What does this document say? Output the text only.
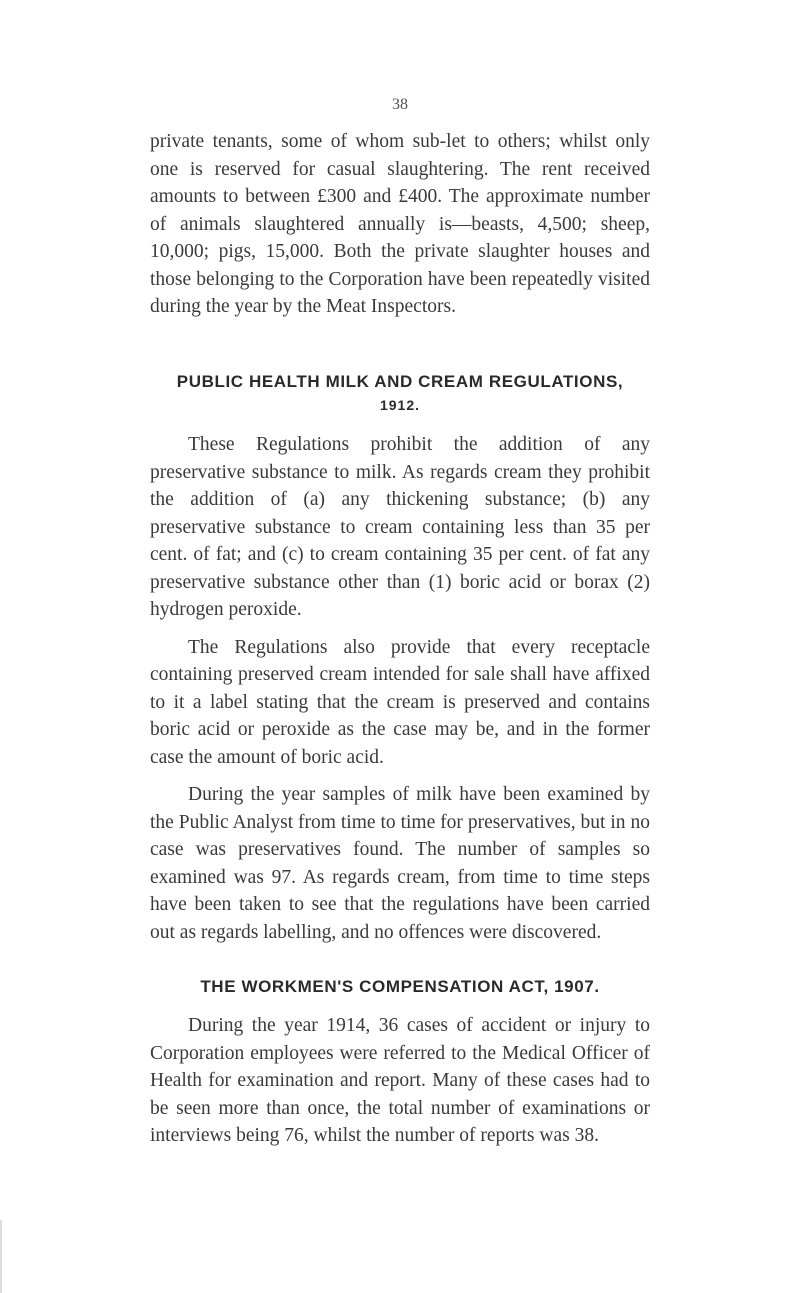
38

private tenants, some of whom sub-let to others; whilst only one is reserved for casual slaughtering. The rent received amounts to between £300 and £400. The approximate number of animals slaughtered annually is—beasts, 4,500; sheep, 10,000; pigs, 15,000. Both the private slaughter houses and those belonging to the Corporation have been repeatedly visited during the year by the Meat Inspectors.

PUBLIC HEALTH MILK AND CREAM REGULATIONS,
1912.

These Regulations prohibit the addition of any preservative substance to milk. As regards cream they prohibit the addition of (a) any thickening substance; (b) any preservative substance to cream containing less than 35 per cent. of fat; and (c) to cream containing 35 per cent. of fat any preservative substance other than (1) boric acid or borax (2) hydrogen peroxide.

The Regulations also provide that every receptacle containing preserved cream intended for sale shall have affixed to it a label stating that the cream is preserved and contains boric acid or peroxide as the case may be, and in the former case the amount of boric acid.

During the year samples of milk have been examined by the Public Analyst from time to time for preservatives, but in no case was preservatives found. The number of samples so examined was 97. As regards cream, from time to time steps have been taken to see that the regulations have been carried out as regards labelling, and no offences were discovered.

THE WORKMEN'S COMPENSATION ACT, 1907.

During the year 1914, 36 cases of accident or injury to Corporation employees were referred to the Medical Officer of Health for examination and report. Many of these cases had to be seen more than once, the total number of examinations or interviews being 76, whilst the number of reports was 38.
